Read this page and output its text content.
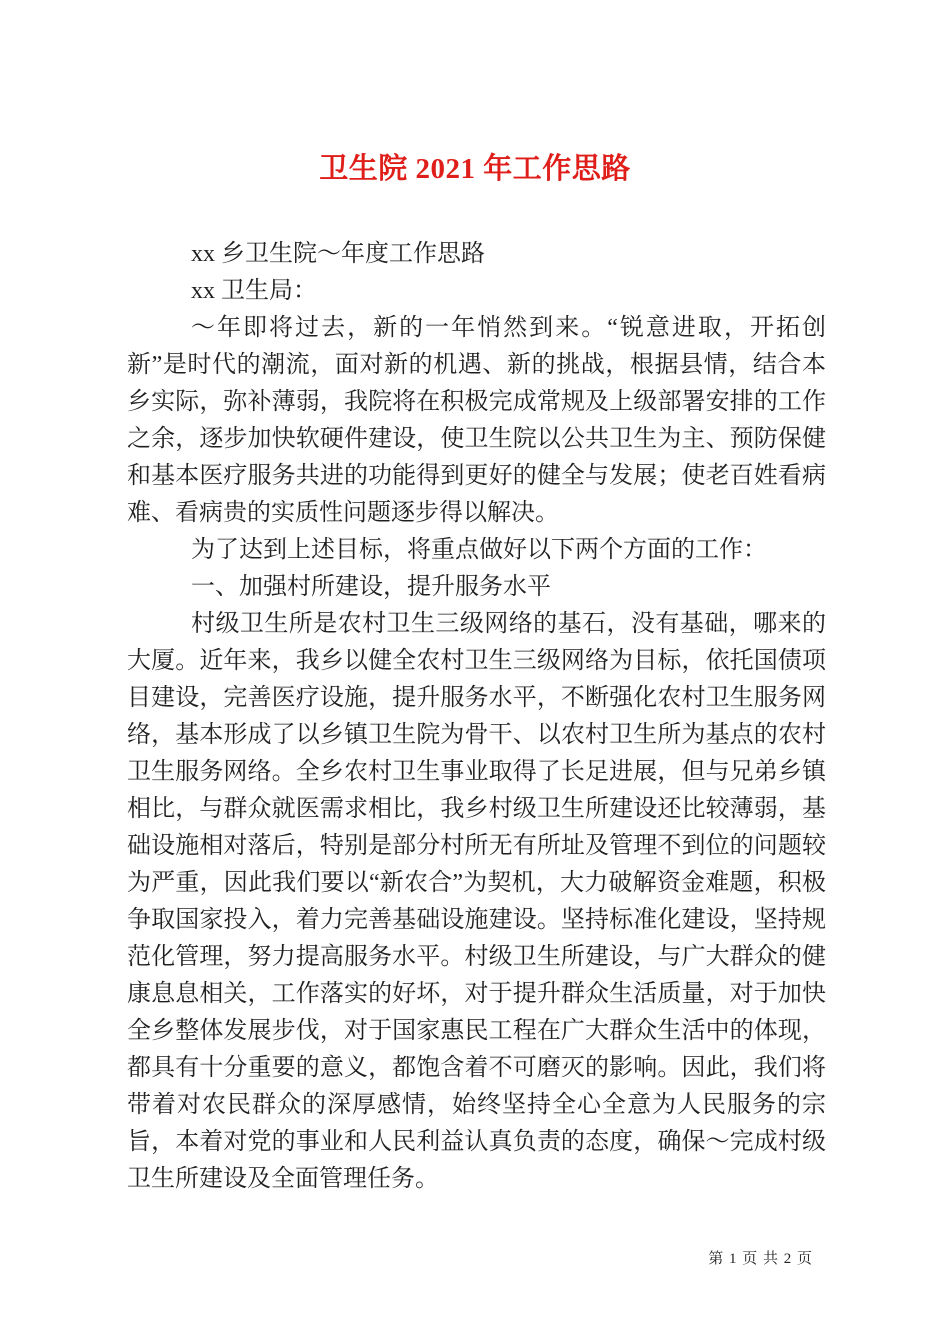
卫生院 2021 年工作思路

xx 乡卫生院～年度工作思路

xx 卫生局：

～年即将过去，新的一年悄然到来。“锐意进取，开拓创新”是时代的潮流，面对新的机遇、新的挑战，根据县情，结合本乡实际，弥补薄弱，我院将在积极完成常规及上级部署安排的工作之余，逐步加快软硬件建设，使卫生院以公共卫生为主、预防保健和基本医疗服务共进的功能得到更好的健全与发展；使老百姓看病难、看病贵的实质性问题逐步得以解决。

为了达到上述目标，将重点做好以下两个方面的工作：

一、加强村所建设，提升服务水平

村级卫生所是农村卫生三级网络的基石，没有基础，哪来的大厦。近年来，我乡以健全农村卫生三级网络为目标，依托国债项目建设，完善医疗设施，提升服务水平，不断强化农村卫生服务网络，基本形成了以乡镇卫生院为骨干、以农村卫生所为基点的农村卫生服务网络。全乡农村卫生事业取得了长足进展，但与兄弟乡镇相比，与群众就医需求相比，我乡村级卫生所建设还比较薄弱，基础设施相对落后，特别是部分村所无有所址及管理不到位的问题较为严重，因此我们要以“新农合”为契机，大力破解资金难题，积极争取国家投入，着力完善基础设施建设。坚持标准化建设，坚持规范化管理，努力提高服务水平。村级卫生所建设，与广大群众的健康息息相关，工作落实的好坏，对于提升群众生活质量，对于加快全乡整体发展步伐，对于国家惠民工程在广大群众生活中的体现，都具有十分重要的意义，都饱含着不可磨灭的影响。因此，我们将带着对农民群众的深厚感情，始终坚持全心全意为人民服务的宗旨，本着对党的事业和人民利益认真负责的态度，确保～完成村级卫生所建设及全面管理任务。

第 1 页 共 2 页
